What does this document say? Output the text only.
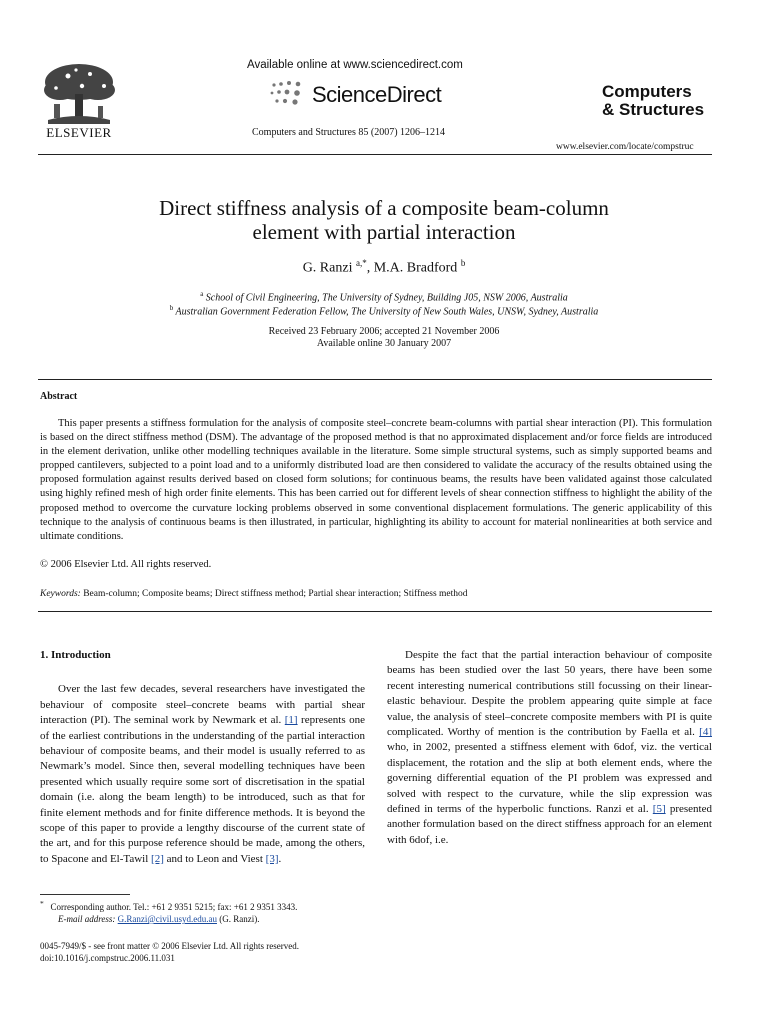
ELSEVIER
Available online at www.sciencedirect.com
ScienceDirect
Computers and Structures 85 (2007) 1206–1214
Computers
& Structures
www.elsevier.com/locate/compstruc
Direct stiffness analysis of a composite beam-column
element with partial interaction
G. Ranzi $^{a,*}$, M.A. Bradford $^b$
$^a$ School of Civil Engineering, The University of Sydney, Building J05, NSW 2006, Australia
$^b$ Australian Government Federation Fellow, The University of New South Wales, UNSW, Sydney, Australia
Received 23 February 2006; accepted 21 November 2006
Available online 30 January 2007
Abstract
This paper presents a stiffness formulation for the analysis of composite steel–concrete beam-columns with partial shear interaction (PI). This formulation is based on the direct stiffness method (DSM). The advantage of the proposed method is that no approximated displacement and/or force fields are introduced in the element derivation, unlike other modelling techniques available in the literature. Some simple structural systems, such as simply supported beams and propped cantilevers, subjected to a point load and to a uniformly distributed load are then considered to validate the accuracy of the results obtained using the proposed formulation against results derived based on closed form solutions; for continuous beams, the results have been validated against those calculated using highly refined mesh of high order finite elements. This has been carried out for different levels of shear connection stiffness to highlight the ability of the proposed method to overcome the curvature locking problems observed in some conventional displacement formulations. The generic applicability of this technique to the analysis of continuous beams is then illustrated, in particular, highlighting its ability to account for material nonlinearities at both service and ultimate conditions.
© 2006 Elsevier Ltd. All rights reserved.
Keywords: Beam-column; Composite beams; Direct stiffness method; Partial shear interaction; Stiffness method
1. Introduction

Over the last few decades, several researchers have investigated the behaviour of composite steel–concrete beams with partial shear interaction (PI). The seminal work by Newmark et al. [1] represents one of the earliest contributions in the understanding of the partial interaction behaviour of composite beams, and their model is usually referred to as Newmark’s model. Since then, several modelling techniques have been presented which usually require some sort of discretisation in the spatial domain (i.e. along the beam length) to be introduced, such as that for finite element methods and for finite difference methods. It is beyond the scope of this paper to provide a lengthy discourse of the current state of the art, and for this purpose reference should be made, among the others, to Spacone and El-Tawil [2] and to Leon and Viest [3].

Despite the fact that the partial interaction behaviour of composite beams has been studied over the last 50 years, there have been some recent interesting numerical contributions still focussing on their linear-elastic behaviour. Despite the problem appearing quite simple at face value, the analysis of steel–concrete composite members with PI is quite complicated. Worthy of mention is the contribution by Faella et al. [4] who, in 2002, presented a stiffness element with 6dof, viz. the vertical displacement, the rotation and the slip at both element ends, where the governing differential equation of the PI problem was expressed and solved with respect to the curvature, while the slip expression was defined in terms of the hyperbolic functions. Ranzi et al. [5] presented another formulation based on the direct stiffness approach for an element with 6dof, i.e.

* Corresponding author. Tel.: +61 2 9351 5215; fax: +61 2 9351 3343.
E-mail address: G.Ranzi@civil.usyd.edu.au (G. Ranzi).
0045-7949/$ - see front matter © 2006 Elsevier Ltd. All rights reserved.
doi:10.1016/j.compstruc.2006.11.031
